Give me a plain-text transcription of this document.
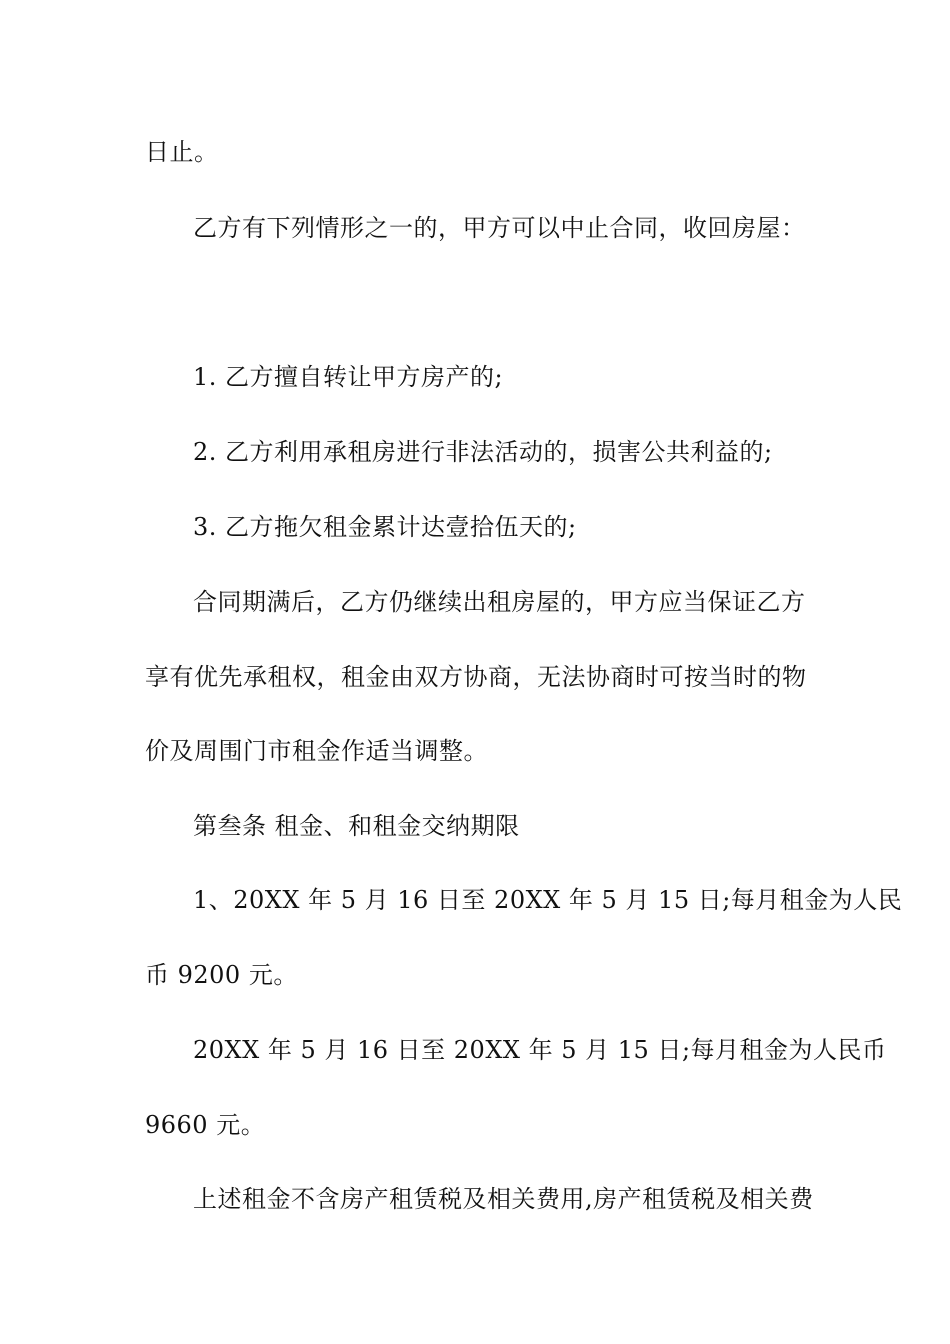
日止。
乙方有下列情形之一的，甲方可以中止合同，收回房屋：
1. 乙方擅自转让甲方房产的;
2. 乙方利用承租房进行非法活动的，损害公共利益的;
3. 乙方拖欠租金累计达壹拾伍天的;
合同期满后，乙方仍继续出租房屋的，甲方应当保证乙方
享有优先承租权，租金由双方协商，无法协商时可按当时的物
价及周围门市租金作适当调整。
第叁条 租金、和租金交纳期限
1、20XX 年 5 月 16 日至 20XX 年 5 月 15 日;每月租金为人民
币 9200 元。
20XX 年 5 月 16 日至 20XX 年 5 月 15 日;每月租金为人民币
9660 元。
上述租金不含房产租赁税及相关费用,房产租赁税及相关费
